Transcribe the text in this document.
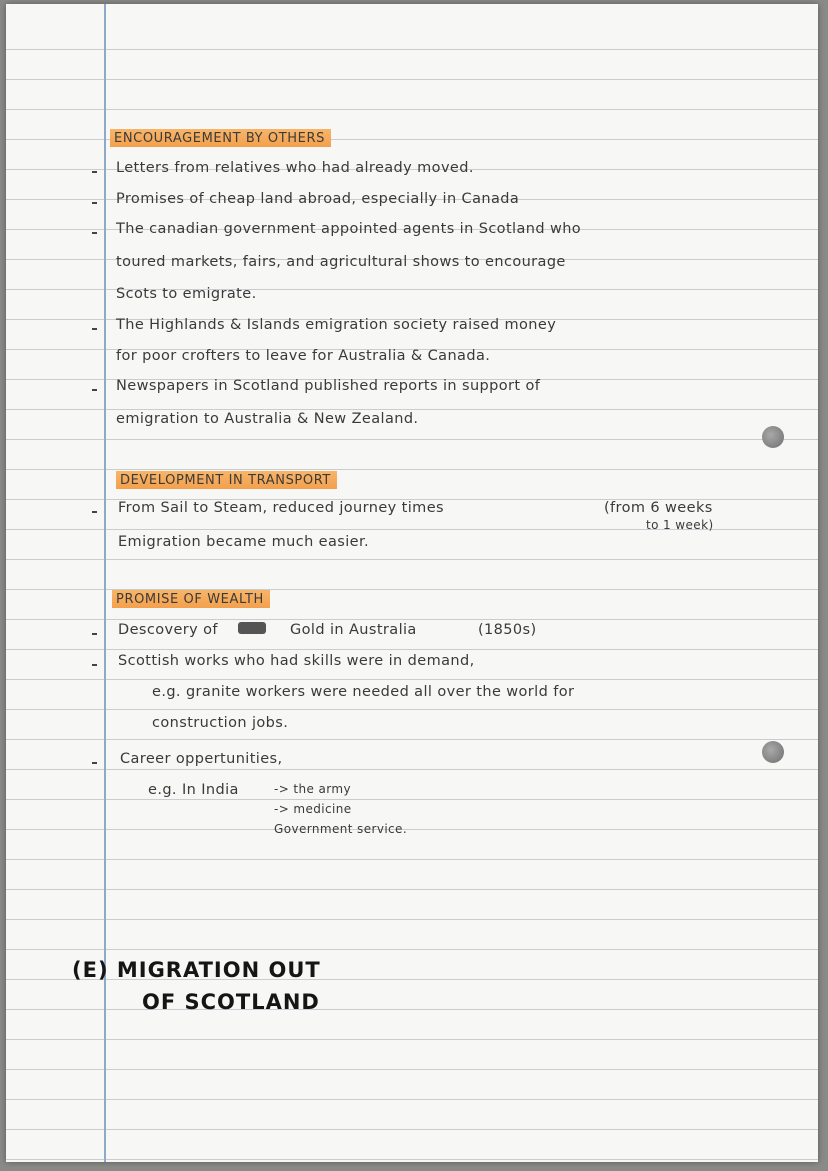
ENCOURAGEMENT BY OTHERS
Letters from relatives who had already moved.
Promises of cheap land abroad, especially in Canada
The canadian government appointed agents in Scotland who
toured markets, fairs, and agricultural shows to encourage
Scots to emigrate.
The Highlands & Islands emigration society raised money
for poor crofters to leave for Australia & Canada.
Newspapers in Scotland published reports in support of
emigration to Australia & New Zealand.
DEVELOPMENT IN TRANSPORT
From Sail to Steam, reduced journey times	(from 6 weeks
to 1 week)
Emigration became much easier.
PROMISE OF WEALTH
Descovery of	Gold in Australia	(1850s)
Scottish works who had skills were in demand,
e.g. granite workers were needed all over the world for
construction jobs.
Career oppertunities,
e.g. In India	-> the army
-> medicine
Government service.
(E) MIGRATION OUT
OF SCOTLAND
